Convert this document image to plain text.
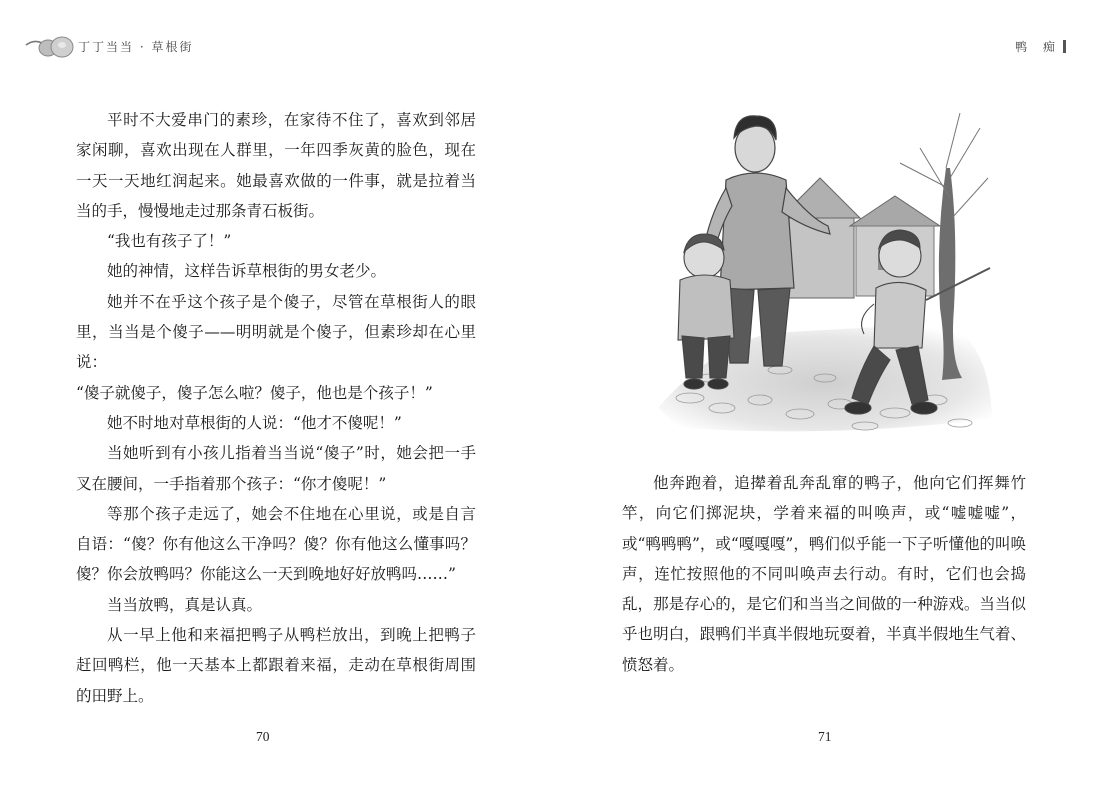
丁丁当当 · 草根街

平时不大爱串门的素珍，在家待不住了，喜欢到邻居家闲聊，喜欢出现在人群里，一年四季灰黄的脸色，现在一天一天地红润起来。她最喜欢做的一件事，就是拉着当当的手，慢慢地走过那条青石板街。

“我也有孩子了！”

她的神情，这样告诉草根街的男女老少。

她并不在乎这个孩子是个傻子，尽管在草根街人的眼里，当当是个傻子——明明就是个傻子，但素珍却在心里说：

“傻子就傻子，傻子怎么啦？傻子，他也是个孩子！”

她不时地对草根街的人说：“他才不傻呢！”

当她听到有小孩儿指着当当说“傻子”时，她会把一手叉在腰间，一手指着那个孩子：“你才傻呢！”

等那个孩子走远了，她会不住地在心里说，或是自言自语：“傻？你有他这么干净吗？傻？你有他这么懂事吗？傻？你会放鸭吗？你能这么一天到晚地好好放鸭吗……”

当当放鸭，真是认真。

从一早上他和来福把鸭子从鸭栏放出，到晚上把鸭子赶回鸭栏，他一天基本上都跟着来福，走动在草根街周围的田野上。

70
鸭 痴
71

他奔跑着，追撵着乱奔乱窜的鸭子，他向它们挥舞竹竿，向它们掷泥块，学着来福的叫唤声，或“嘘嘘嘘”，或“鸭鸭鸭”，或“嘎嘎嘎”，鸭们似乎能一下子听懂他的叫唤声，连忙按照他的不同叫唤声去行动。有时，它们也会捣乱，那是存心的，是它们和当当之间做的一种游戏。当当似乎也明白，跟鸭们半真半假地玩耍着，半真半假地生气着、愤怒着。
